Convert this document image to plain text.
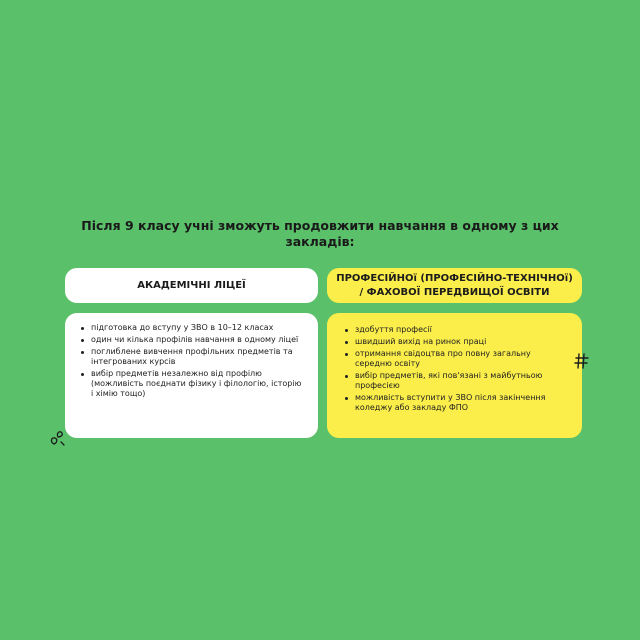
Після 9 класу учні зможуть продовжити навчання в одному з цих закладів:
АКАДЕМІЧНІ ЛІЦЕЇ
ПРОФЕСІЙНОї (ПРОФЕСІЙНО-ТЕХНІЧНОї) / ФАХОВОЇ ПЕРЕДВИЩОЇ ОСВІТИ
підготовка до вступу у ЗВО в 10–12 класах
один чи кілька профілів навчання в одному ліцеї
поглиблене вивчення профільних предметів та інтегрованих курсів
вибір предметів незалежно від профілю (можливість поєднати фізику і філологію, історію і хімію тощо)
здобуття професії
швидший вихід на ринок праці
отримання свідоцтва про повну загальну середню освіту
вибір предметів, які пов'язані з майбутньою професією
можливість вступити у ЗВО після закінчення коледжу або закладу ФПО
